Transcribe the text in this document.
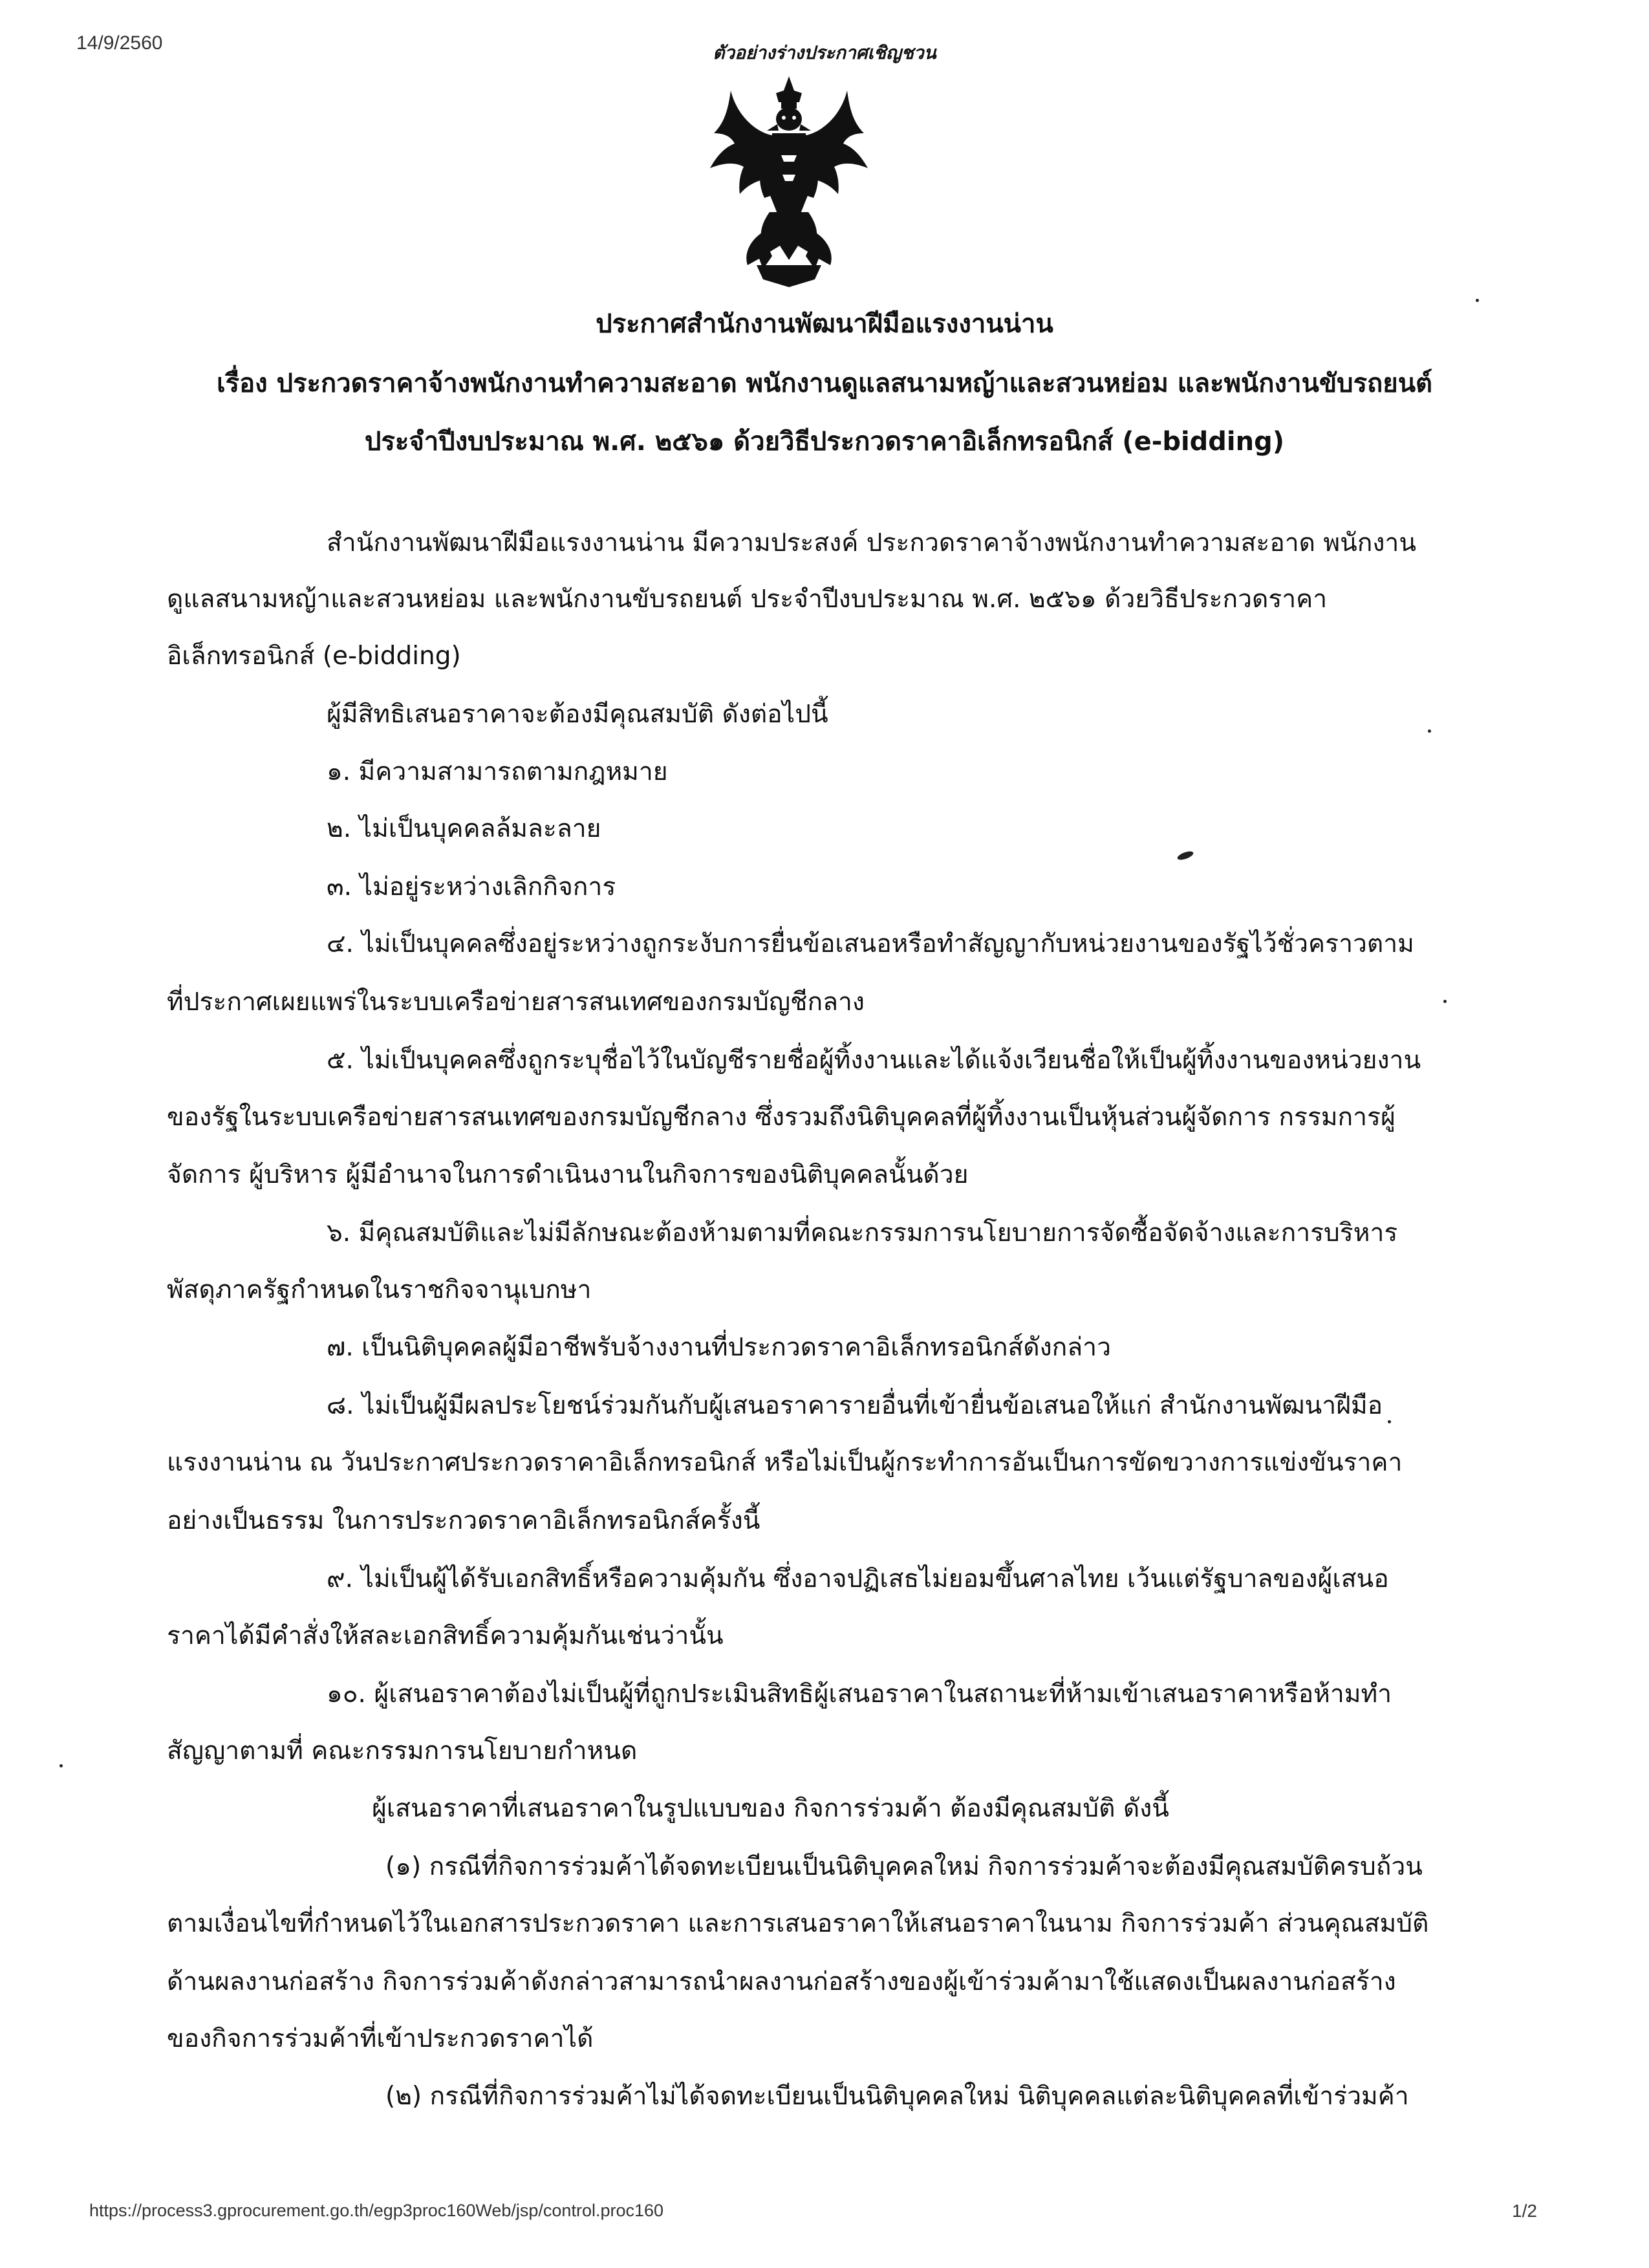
14/9/2560	ตัวอย่างร่างประกาศเชิญชวน
ประกาศสำนักงานพัฒนาฝีมือแรงงานน่าน
เรื่อง ประกวดราคาจ้างพนักงานทำความสะอาด พนักงานดูแลสนามหญ้าและสวนหย่อม และพนักงานขับรถยนต์
ประจำปีงบประมาณ พ.ศ. ๒๕๖๑ ด้วยวิธีประกวดราคาอิเล็กทรอนิกส์ (e-bidding)
สำนักงานพัฒนาฝีมือแรงงานน่าน มีความประสงค์ ประกวดราคาจ้างพนักงานทำความสะอาด พนักงาน
ดูแลสนามหญ้าและสวนหย่อม และพนักงานขับรถยนต์ ประจำปีงบประมาณ พ.ศ. ๒๕๖๑ ด้วยวิธีประกวดราคา
อิเล็กทรอนิกส์ (e-bidding)
ผู้มีสิทธิเสนอราคาจะต้องมีคุณสมบัติ ดังต่อไปนี้
๑. มีความสามารถตามกฎหมาย
๒. ไม่เป็นบุคคลล้มละลาย
๓. ไม่อยู่ระหว่างเลิกกิจการ
๔. ไม่เป็นบุคคลซึ่งอยู่ระหว่างถูกระงับการยื่นข้อเสนอหรือทำสัญญากับหน่วยงานของรัฐไว้ชั่วคราวตาม
ที่ประกาศเผยแพร่ในระบบเครือข่ายสารสนเทศของกรมบัญชีกลาง
๕. ไม่เป็นบุคคลซึ่งถูกระบุชื่อไว้ในบัญชีรายชื่อผู้ทิ้งงานและได้แจ้งเวียนชื่อให้เป็นผู้ทิ้งงานของหน่วยงาน
ของรัฐในระบบเครือข่ายสารสนเทศของกรมบัญชีกลาง ซึ่งรวมถึงนิติบุคคลที่ผู้ทิ้งงานเป็นหุ้นส่วนผู้จัดการ กรรมการผู้
จัดการ ผู้บริหาร ผู้มีอำนาจในการดำเนินงานในกิจการของนิติบุคคลนั้นด้วย
๖. มีคุณสมบัติและไม่มีลักษณะต้องห้ามตามที่คณะกรรมการนโยบายการจัดซื้อจัดจ้างและการบริหาร
พัสดุภาครัฐกำหนดในราชกิจจานุเบกษา
๗. เป็นนิติบุคคลผู้มีอาชีพรับจ้างงานที่ประกวดราคาอิเล็กทรอนิกส์ดังกล่าว
๘. ไม่เป็นผู้มีผลประโยชน์ร่วมกันกับผู้เสนอราคารายอื่นที่เข้ายื่นข้อเสนอให้แก่ สำนักงานพัฒนาฝีมือ
แรงงานน่าน ณ วันประกาศประกวดราคาอิเล็กทรอนิกส์ หรือไม่เป็นผู้กระทำการอันเป็นการขัดขวางการแข่งขันราคา
อย่างเป็นธรรม ในการประกวดราคาอิเล็กทรอนิกส์ครั้งนี้
๙. ไม่เป็นผู้ได้รับเอกสิทธิ์หรือความคุ้มกัน ซึ่งอาจปฏิเสธไม่ยอมขึ้นศาลไทย เว้นแต่รัฐบาลของผู้เสนอ
ราคาได้มีคำสั่งให้สละเอกสิทธิ์ความคุ้มกันเช่นว่านั้น
๑๐. ผู้เสนอราคาต้องไม่เป็นผู้ที่ถูกประเมินสิทธิผู้เสนอราคาในสถานะที่ห้ามเข้าเสนอราคาหรือห้ามทำ
สัญญาตามที่ คณะกรรมการนโยบายกำหนด
ผู้เสนอราคาที่เสนอราคาในรูปแบบของ กิจการร่วมค้า ต้องมีคุณสมบัติ ดังนี้
(๑) กรณีที่กิจการร่วมค้าได้จดทะเบียนเป็นนิติบุคคลใหม่ กิจการร่วมค้าจะต้องมีคุณสมบัติครบถ้วน
ตามเงื่อนไขที่กำหนดไว้ในเอกสารประกวดราคา และการเสนอราคาให้เสนอราคาในนาม กิจการร่วมค้า ส่วนคุณสมบัติ
ด้านผลงานก่อสร้าง กิจการร่วมค้าดังกล่าวสามารถนำผลงานก่อสร้างของผู้เข้าร่วมค้ามาใช้แสดงเป็นผลงานก่อสร้าง
ของกิจการร่วมค้าที่เข้าประกวดราคาได้
(๒) กรณีที่กิจการร่วมค้าไม่ได้จดทะเบียนเป็นนิติบุคคลใหม่ นิติบุคคลแต่ละนิติบุคคลที่เข้าร่วมค้า
https://process3.gprocurement.go.th/egp3proc160Web/jsp/control.proc160	1/2
